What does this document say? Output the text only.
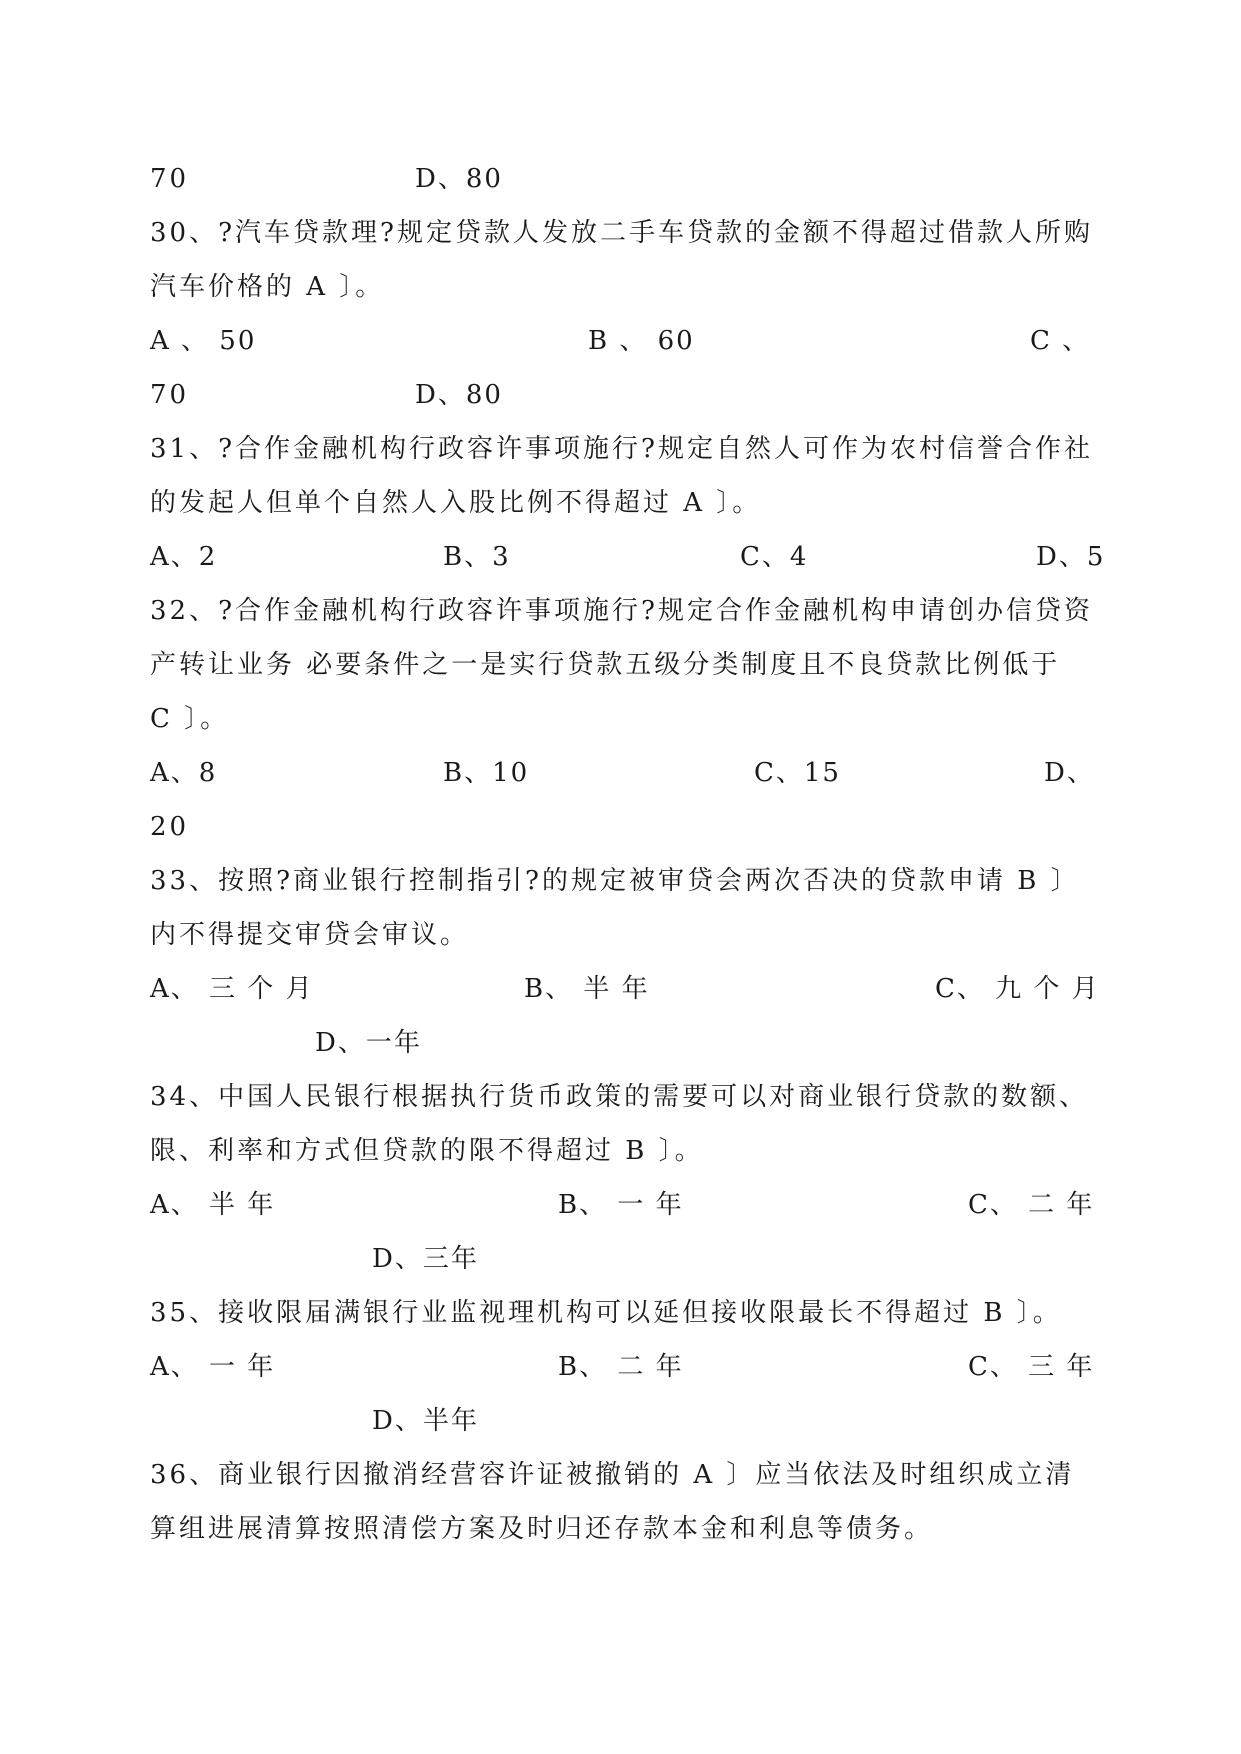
70	D、80
30、?汽车贷款理?规定贷款人发放二手车贷款的金额不得超过借款人所购
汽车价格的 A 〕。
A 、 50	B 、 60	C 、
70	D、80
31、?合作金融机构行政容许事项施行?规定自然人可作为农村信誉合作社
的发起人但单个自然人入股比例不得超过 A 〕。
A、2	B、3	C、4	D、5
32、?合作金融机构行政容许事项施行?规定合作金融机构申请创办信贷资
产转让业务 必要条件之一是实行贷款五级分类制度且不良贷款比例低于
C 〕。
A、8	B、10	C、15	D、
20
33、按照?商业银行控制指引?的规定被审贷会两次否决的贷款申请 B 〕
内不得提交审贷会审议。
A、 三 个 月	B、 半 年	C、 九 个 月
D、一年
34、中国人民银行根据执行货币政策的需要可以对商业银行贷款的数额、
限、利率和方式但贷款的限不得超过 B 〕。
A、 半 年	B、 一 年	C、 二 年
D、三年
35、接收限届满银行业监视理机构可以延但接收限最长不得超过 B 〕。
A、 一 年	B、 二 年	C、 三 年
D、半年
36、商业银行因撤消经营容许证被撤销的 A 〕应当依法及时组织成立清
算组进展清算按照清偿方案及时归还存款本金和利息等债务。
